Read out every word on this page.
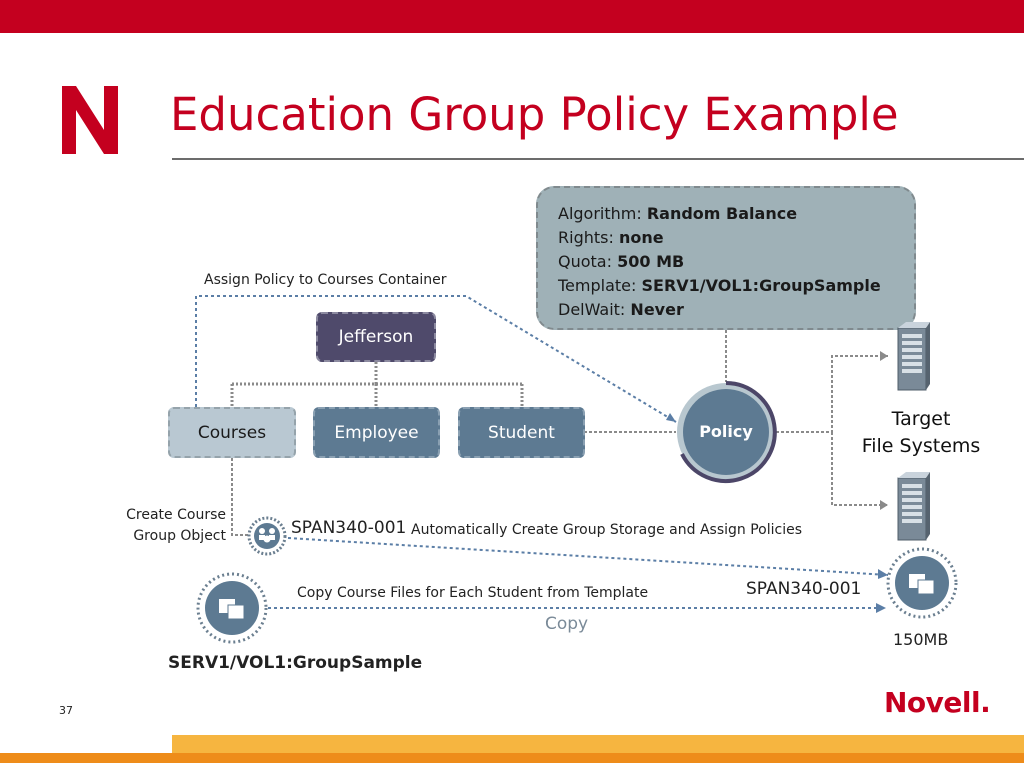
Education Group Policy Example
Algorithm: Random Balance
Rights: none
Quota: 500 MB
Template: SERV1/VOL1:GroupSample
DelWait: Never
Jefferson
Courses	Employee	Student	Policy
Target
File Systems
Assign Policy to Courses Container
Create Course
Group Object	SPAN340-001 Automatically Create Group Storage and Assign Policies
Copy Course Files for Each Student from Template
Copy
SPAN340-001
150MB
SERV1/VOL1:GroupSample
37	Novell.
